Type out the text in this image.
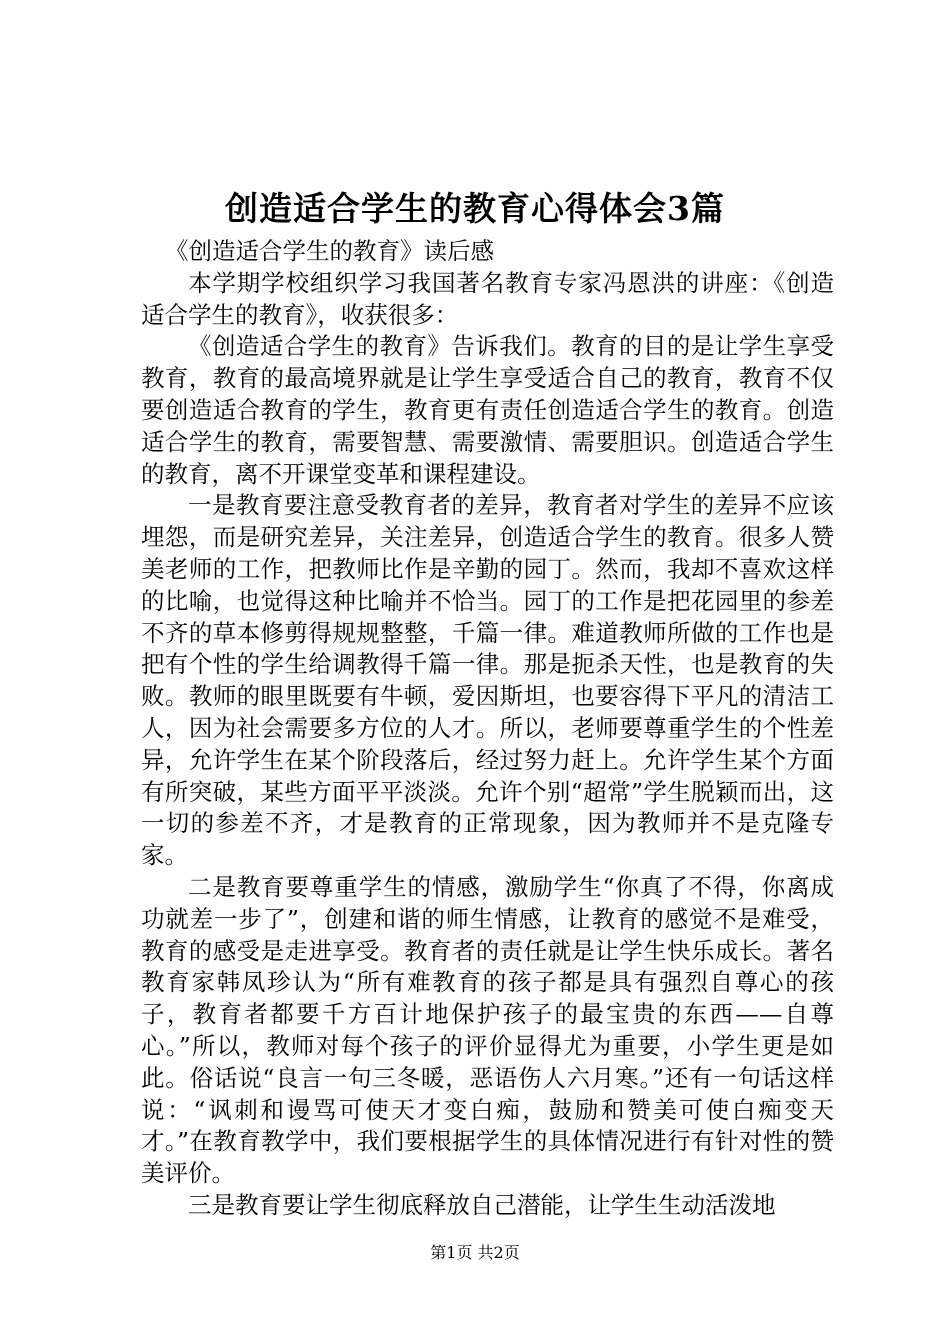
创造适合学生的教育心得体会3篇

《创造适合学生的教育》读后感

本学期学校组织学习我国著名教育专家冯恩洪的讲座：《创造适合学生的教育》，收获很多：

《创造适合学生的教育》告诉我们。教育的目的是让学生享受教育，教育的最高境界就是让学生享受适合自己的教育，教育不仅要创造适合教育的学生，教育更有责任创造适合学生的教育。创造适合学生的教育，需要智慧、需要激情、需要胆识。创造适合学生的教育，离不开课堂变革和课程建设。

一是教育要注意受教育者的差异，教育者对学生的差异不应该埋怨，而是研究差异，关注差异，创造适合学生的教育。很多人赞美老师的工作，把教师比作是辛勤的园丁。然而，我却不喜欢这样的比喻，也觉得这种比喻并不恰当。园丁的工作是把花园里的参差不齐的草本修剪得规规整整，千篇一律。难道教师所做的工作也是把有个性的学生给调教得千篇一律。那是扼杀天性，也是教育的失败。教师的眼里既要有牛顿，爱因斯坦，也要容得下平凡的清洁工人，因为社会需要多方位的人才。所以，老师要尊重学生的个性差异，允许学生在某个阶段落后，经过努力赶上。允许学生某个方面有所突破，某些方面平平淡淡。允许个别“超常”学生脱颖而出，这一切的参差不齐，才是教育的正常现象，因为教师并不是克隆专家。

二是教育要尊重学生的情感，激励学生“你真了不得，你离成功就差一步了”，创建和谐的师生情感，让教育的感觉不是难受，教育的感受是走进享受。教育者的责任就是让学生快乐成长。著名教育家韩凤珍认为“所有难教育的孩子都是具有强烈自尊心的孩子，教育者都要千方百计地保护孩子的最宝贵的东西——自尊心。”所以，教师对每个孩子的评价显得尤为重要，小学生更是如此。俗话说“良言一句三冬暖，恶语伤人六月寒。”还有一句话这样说：“讽刺和谩骂可使天才变白痴，鼓励和赞美可使白痴变天才。”在教育教学中，我们要根据学生的具体情况进行有针对性的赞美评价。

三是教育要让学生彻底释放自己潜能，让学生生动活泼地

第1页 共2页
